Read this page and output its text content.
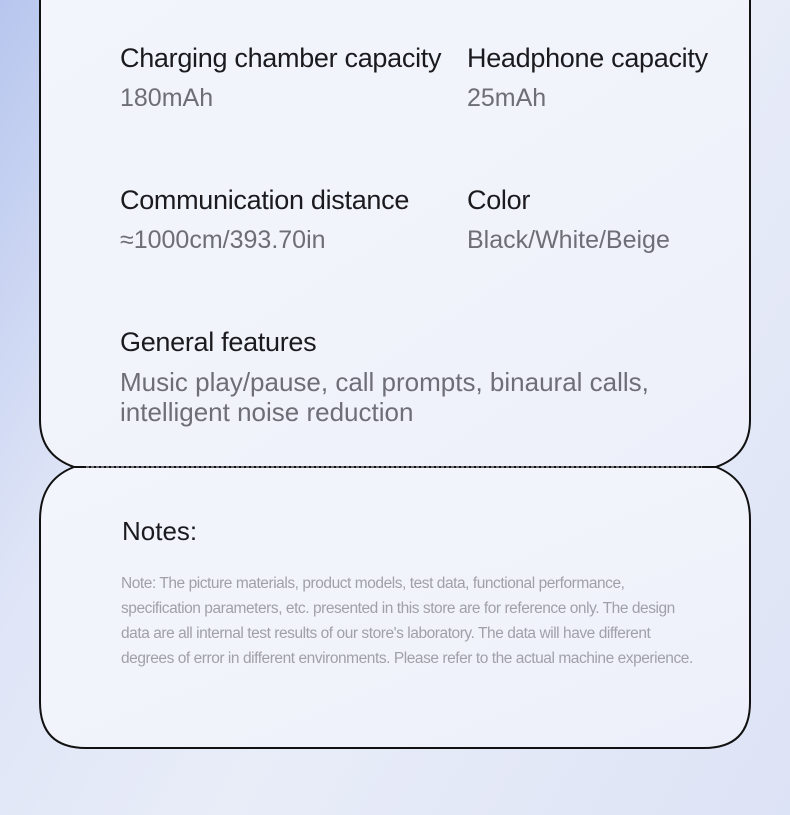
Charging chamber capacity
180mAh
Headphone capacity
25mAh
Communication distance
≈1000cm/393.70in
Color
Black/White/Beige
General features
Music play/pause, call prompts, binaural calls, intelligent noise reduction
Notes:
Note: The picture materials, product models, test data, functional performance, specification parameters, etc. presented in this store are for reference only. The design data are all internal test results of our store's laboratory. The data will have different degrees of error in different environments. Please refer to the actual machine experience.
